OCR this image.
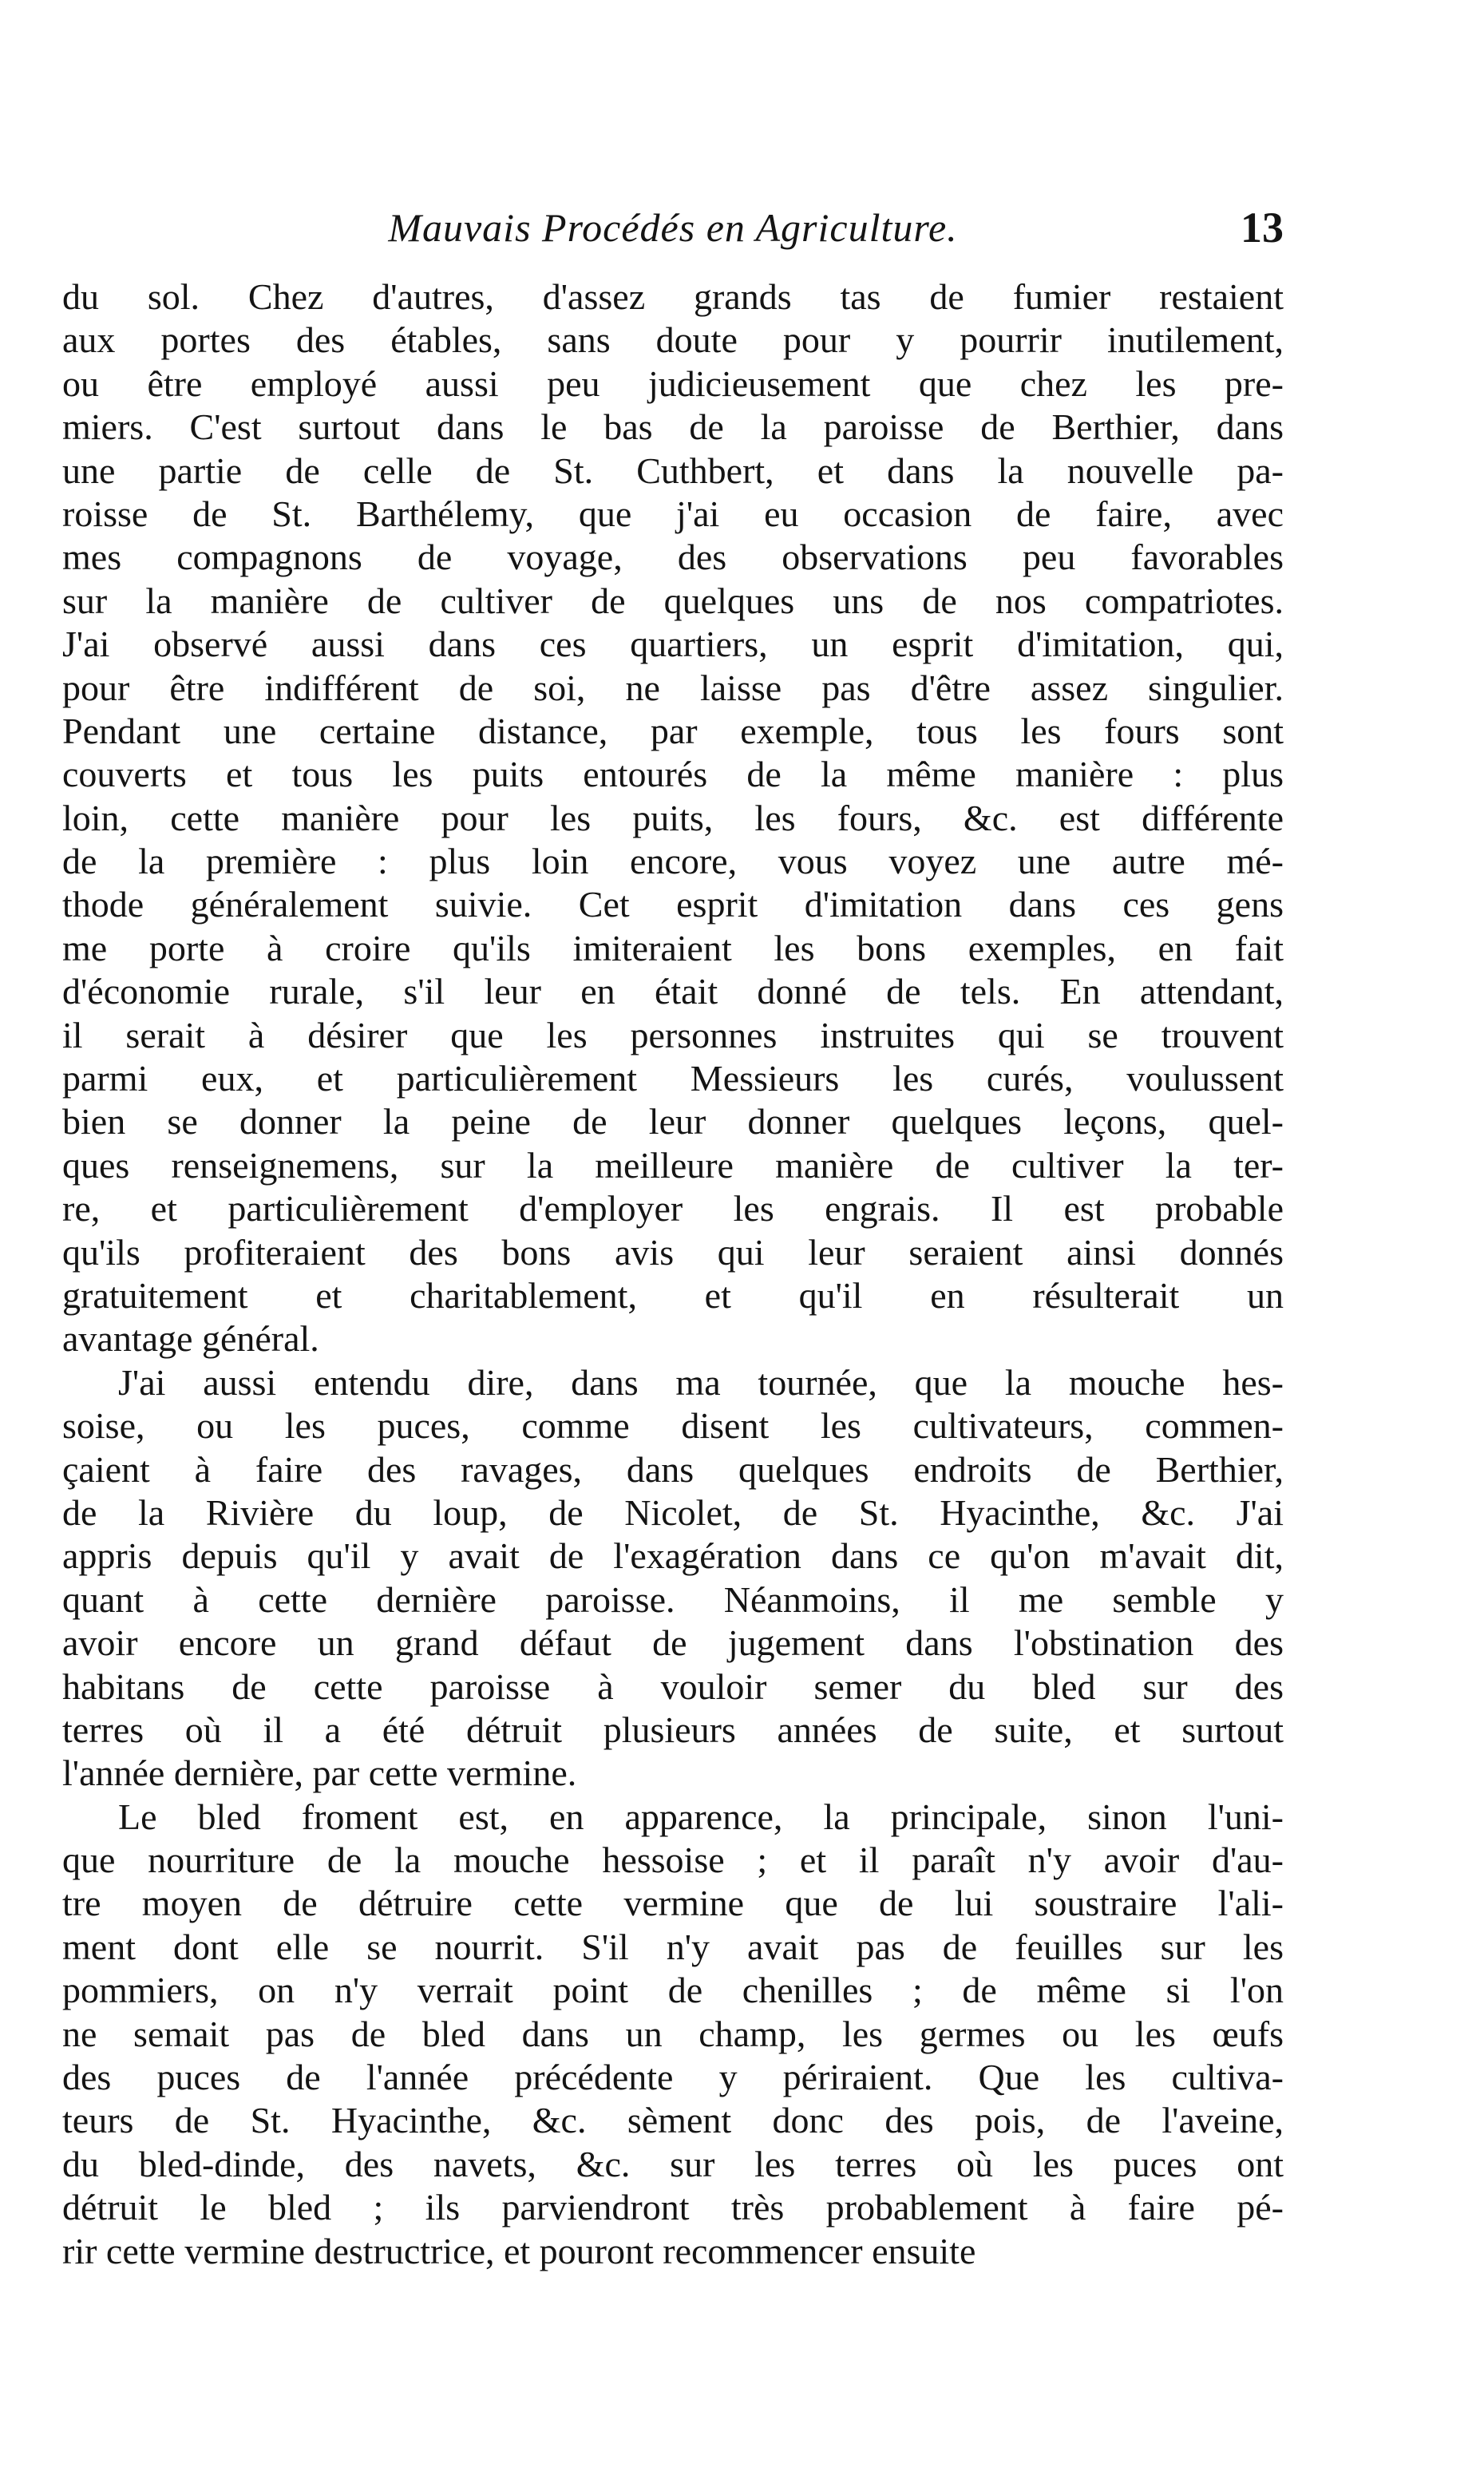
Mauvais Procédés en Agriculture.	13

du sol. Chez d'autres, d'assez grands tas de fumier restaient
aux portes des étables, sans doute pour y pourrir inutilement,
ou être employé aussi peu judicieusement que chez les pre-
miers. C'est surtout dans le bas de la paroisse de Berthier, dans
une partie de celle de St. Cuthbert, et dans la nouvelle pa-
roisse de St. Barthélemy, que j'ai eu occasion de faire, avec
mes compagnons de voyage, des observations peu favorables
sur la manière de cultiver de quelques uns de nos compatriotes.
J'ai observé aussi dans ces quartiers, un esprit d'imitation, qui,
pour être indifférent de soi, ne laisse pas d'être assez singulier.
Pendant une certaine distance, par exemple, tous les fours sont
couverts et tous les puits entourés de la même manière : plus
loin, cette manière pour les puits, les fours, &c. est différente
de la première : plus loin encore, vous voyez une autre mé-
thode généralement suivie. Cet esprit d'imitation dans ces gens
me porte à croire qu'ils imiteraient les bons exemples, en fait
d'économie rurale, s'il leur en était donné de tels. En attendant,
il serait à désirer que les personnes instruites qui se trouvent
parmi eux, et particulièrement Messieurs les curés, voulussent
bien se donner la peine de leur donner quelques leçons, quel-
ques renseignemens, sur la meilleure manière de cultiver la ter-
re, et particulièrement d'employer les engrais. Il est probable
qu'ils profiteraient des bons avis qui leur seraient ainsi donnés
gratuitement et charitablement, et qu'il en résulterait un
avantage général.

J'ai aussi entendu dire, dans ma tournée, que la mouche hes-
soise, ou les puces, comme disent les cultivateurs, commen-
çaient à faire des ravages, dans quelques endroits de Berthier,
de la Rivière du loup, de Nicolet, de St. Hyacinthe, &c. J'ai
appris depuis qu'il y avait de l'exagération dans ce qu'on m'avait dit,
quant à cette dernière paroisse. Néanmoins, il me semble y
avoir encore un grand défaut de jugement dans l'obstination des
habitans de cette paroisse à vouloir semer du bled sur des
terres où il a été détruit plusieurs années de suite, et surtout
l'année dernière, par cette vermine.

Le bled froment est, en apparence, la principale, sinon l'uni-
que nourriture de la mouche hessoise ; et il paraît n'y avoir d'au-
tre moyen de détruire cette vermine que de lui soustraire l'ali-
ment dont elle se nourrit. S'il n'y avait pas de feuilles sur les
pommiers, on n'y verrait point de chenilles ; de même si l'on
ne semait pas de bled dans un champ, les germes ou les œufs
des puces de l'année précédente y périraient. Que les cultiva-
teurs de St. Hyacinthe, &c. sèment donc des pois, de l'aveine,
du bled-dinde, des navets, &c. sur les terres où les puces ont
détruit le bled ; ils parviendront très probablement à faire pé-
rir cette vermine destructrice, et pouront recommencer ensuite
